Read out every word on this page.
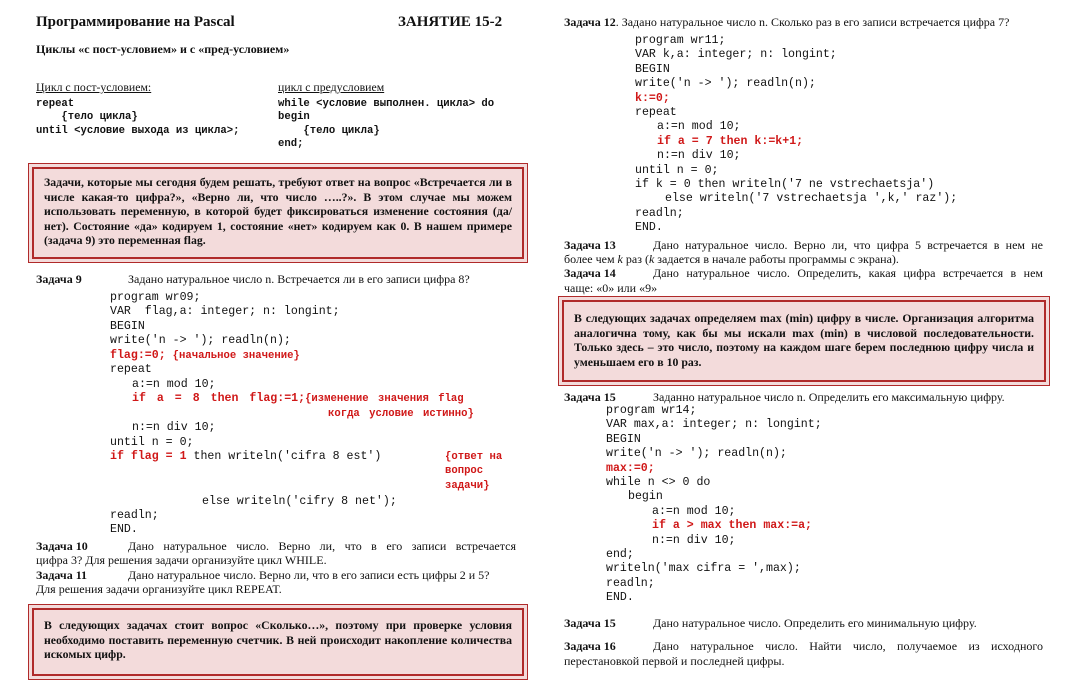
Программирование на Pascal	ЗАНЯТИЕ 15-2
Циклы «с пост-условием» и с «пред-условием»
Цикл с пост-условием:	цикл с предусловием
repeat
{тело цикла}
until <условие выхода из цикла>;
while <условие выполнен. цикла> do
begin
{тело цикла}
end;
Задачи, которые мы сегодня будем решать, требуют ответ на вопрос «Встречается ли в числе какая-то цифра?», «Верно ли, что число …..?». В этом случае мы можем использовать переменную, в которой будет фиксироваться изменение состояния (да/нет). Состояние «да» кодируем 1, состояние «нет» кодируем как 0. В нашем примере (задача 9) это переменная flag.
Задача 9	Задано натуральное число n. Встречается ли в его записи цифра 8?
program wr09;
VAR  flag,a: integer; n: longint;
BEGIN
write('n -> '); readln(n);
flag:=0; {начальное значение}
repeat
a:=n mod 10;
if a = 8 then flag:=1;{изменение значения flag
когда условие истинно}
n:=n div 10;
until n = 0;
if flag = 1 then writeln('cifra 8 est')	{ответ на
вопрос
задачи}
else writeln('cifry 8 net');
readln;
END.
Задача 10	Дано натуральное число. Верно ли, что в его записи встречается
цифра 3? Для решения задачи организуйте цикл WHILE.
Задача 11	Дано натуральное число. Верно ли, что в его записи есть цифры 2 и 5?
Для решения задачи организуйте цикл REPEAT.
В следующих задачах стоит вопрос «Сколько…», поэтому при проверке условия необходимо поставить переменную счетчик. В ней происходит накопление количества искомых цифр.
Задача 12. Задано натуральное число n. Сколько раз в его записи встречается цифра 7?
program wr11;
VAR k,a: integer; n: longint;
BEGIN
write('n -> '); readln(n);
k:=0;
repeat
a:=n mod 10;
if a = 7 then k:=k+1;
n:=n div 10;
until n = 0;
if k = 0 then writeln('7 ne vstrechaetsja')
else writeln('7 vstrechaetsja ',k,' raz');
readln;
END.
Задача 13	Дано натуральное число. Верно ли, что цифра 5 встречается в нем не
более чем k раз (k задается в начале работы программы с экрана).
Задача 14	Дано натуральное число. Определить, какая цифра встречается в нем
чаще: «0» или «9»
В следующих задачах определяем max (min) цифру в числе. Организация алгоритма аналогична тому, как бы мы искали max (min) в числовой последовательности. Только здесь – это число, поэтому на каждом шаге берем последнюю цифру числа и уменьшаем его в 10 раз.
Задача 15	Заданно натуральное число n. Определить его максимальную цифру.
program wr14;
VAR max,a: integer; n: longint;
BEGIN
write('n -> '); readln(n);
max:=0;
while n <> 0 do
begin
a:=n mod 10;
if a > max then max:=a;
n:=n div 10;
end;
writeln('max cifra = ',max);
readln;
END.
Задача 15	Дано натуральное число. Определить его минимальную цифру.
Задача 16	Дано натуральное число. Найти число, получаемое из исходного
перестановкой первой и последней цифры.
